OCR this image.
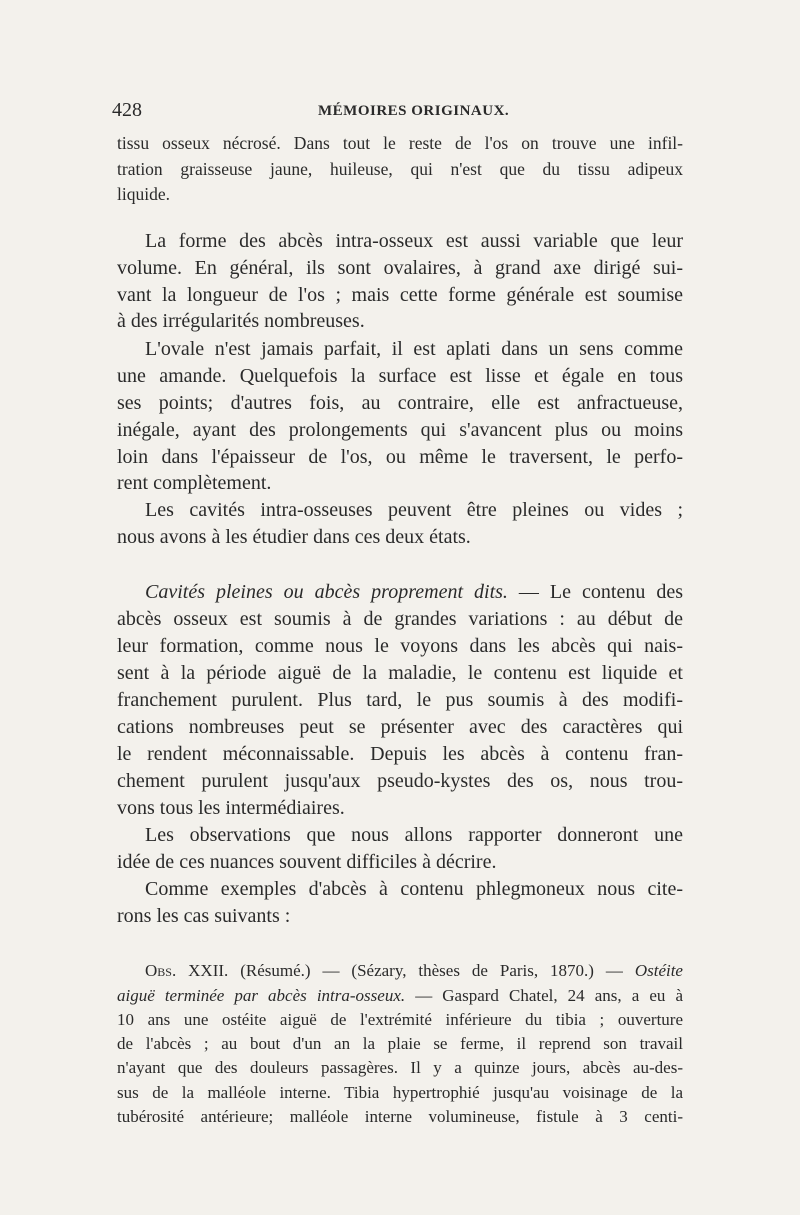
428	MÉMOIRES ORIGINAUX.
tissu osseux nécrosé. Dans tout le reste de l'os on trouve une infil-
tration graisseuse jaune, huileuse, qui n'est que du tissu adipeux
liquide.
La forme des abcès intra-osseux est aussi variable que leur
volume. En général, ils sont ovalaires, à grand axe dirigé sui-
vant la longueur de l'os ; mais cette forme générale est soumise
à des irrégularités nombreuses.
L'ovale n'est jamais parfait, il est aplati dans un sens comme
une amande. Quelquefois la surface est lisse et égale en tous
ses points; d'autres fois, au contraire, elle est anfractueuse,
inégale, ayant des prolongements qui s'avancent plus ou moins
loin dans l'épaisseur de l'os, ou même le traversent, le perfo-
rent complètement.
Les cavités intra-osseuses peuvent être pleines ou vides ;
nous avons à les étudier dans ces deux états.
Cavités pleines ou abcès proprement dits. — Le contenu des
abcès osseux est soumis à de grandes variations : au début de
leur formation, comme nous le voyons dans les abcès qui nais-
sent à la période aiguë de la maladie, le contenu est liquide et
franchement purulent. Plus tard, le pus soumis à des modifi-
cations nombreuses peut se présenter avec des caractères qui
le rendent méconnaissable. Depuis les abcès à contenu fran-
chement purulent jusqu'aux pseudo-kystes des os, nous trou-
vons tous les intermédiaires.
Les observations que nous allons rapporter donneront une
idée de ces nuances souvent difficiles à décrire.
Comme exemples d'abcès à contenu phlegmoneux nous cite-
rons les cas suivants :
Obs. XXII. (Résumé.) — (Sézary, thèses de Paris, 1870.) — Ostéite
aiguë terminée par abcès intra-osseux. — Gaspard Chatel, 24 ans, a eu à
10 ans une ostéite aiguë de l'extrémité inférieure du tibia ; ouverture
de l'abcès ; au bout d'un an la plaie se ferme, il reprend son travail
n'ayant que des douleurs passagères. Il y a quinze jours, abcès au-des-
sus de la malléole interne. Tibia hypertrophié jusqu'au voisinage de la
tubérosité antérieure; malléole interne volumineuse, fistule à 3 centi-
